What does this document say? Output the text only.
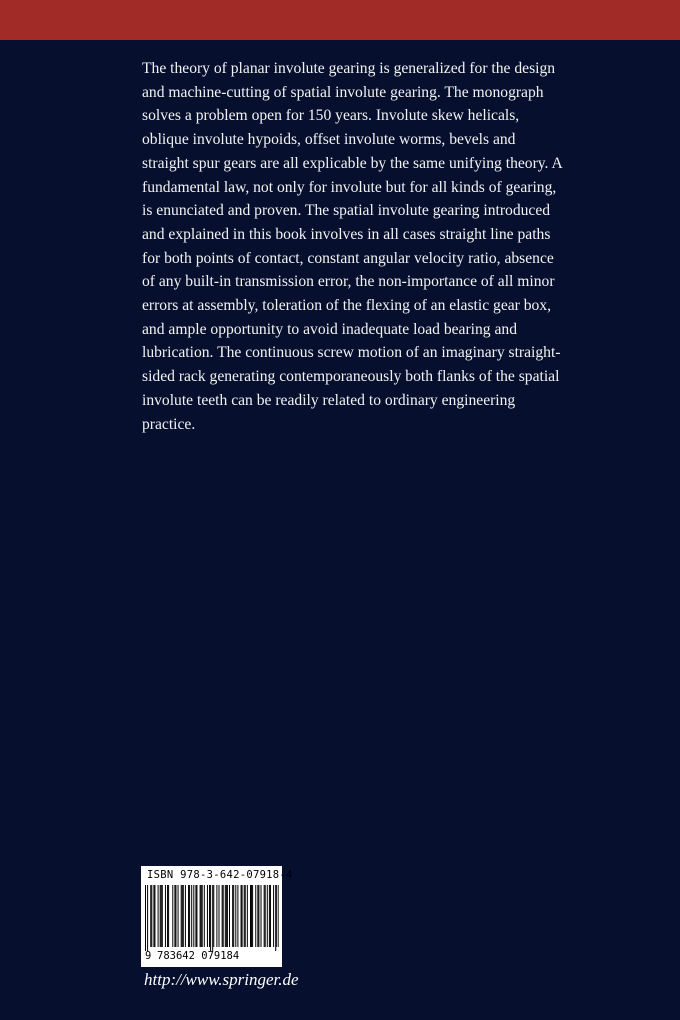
The theory of planar involute gearing is generalized for the design and machine-cutting of spatial involute gearing. The monograph solves a problem open for 150 years. Involute skew helicals, oblique involute hypoids, offset involute worms, bevels and straight spur gears are all explicable by the same unifying theory. A fundamental law, not only for involute but for all kinds of gearing, is enunciated and proven. The spatial involute gearing introduced and explained in this book involves in all cases straight line paths for both points of contact, constant angular velocity ratio, absence of any built-in transmission error, the non-importance of all minor errors at assembly, toleration of the flexing of an elastic gear box, and ample opportunity to avoid inadequate load bearing and lubrication. The continuous screw motion of an imaginary straight-sided rack generating contemporaneously both flanks of the spatial involute teeth can be readily related to ordinary engineering practice.

ISBN 978-3-642-07918-4
9 783642 079184
http://www.springer.de
